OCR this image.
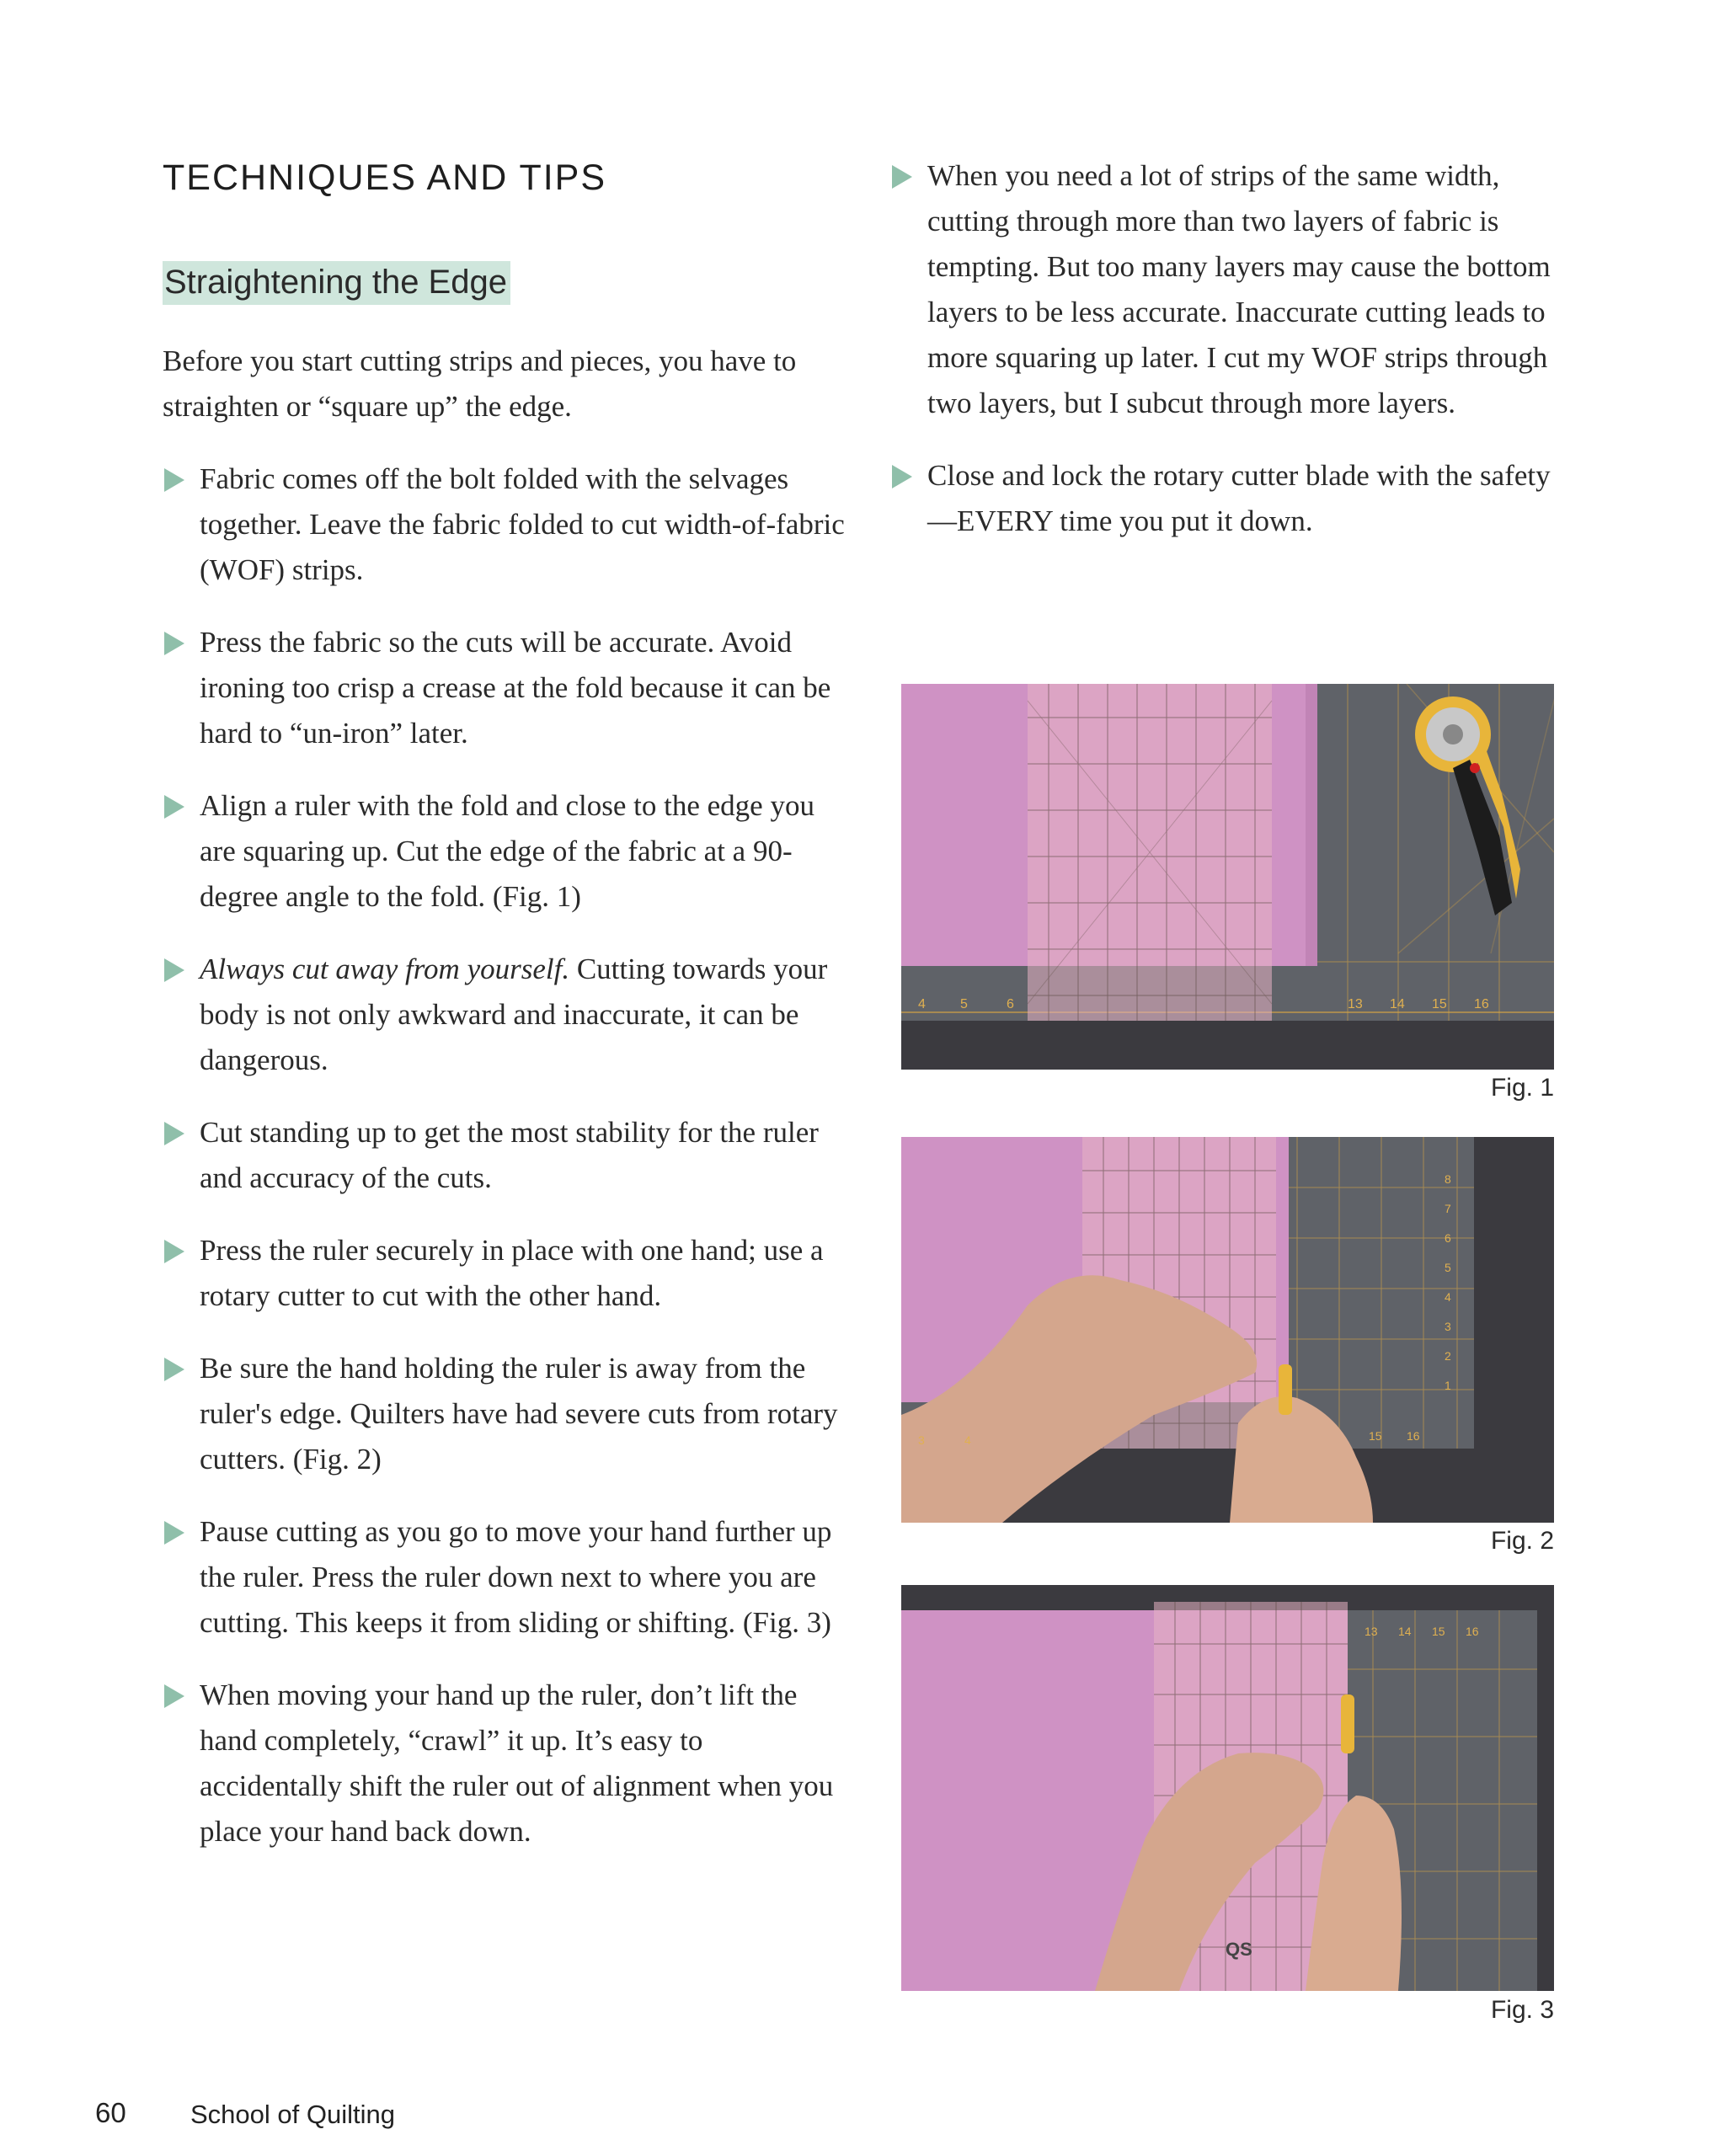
TECHNIQUES AND TIPS
Straightening the Edge

Before you start cutting strips and pieces, you have to straighten or “square up” the edge.

Fabric comes off the bolt folded with the selvages together. Leave the fabric folded to cut width-of-fabric (WOF) strips.
Press the fabric so the cuts will be accurate. Avoid ironing too crisp a crease at the fold because it can be hard to “un-iron” later.
Align a ruler with the fold and close to the edge you are squaring up. Cut the edge of the fabric at a 90-degree angle to the fold. (Fig. 1)
Always cut away from yourself. Cutting towards your body is not only awkward and inaccurate, it can be dangerous.
Cut standing up to get the most stability for the ruler and accuracy of the cuts.
Press the ruler securely in place with one hand; use a rotary cutter to cut with the other hand.
Be sure the hand holding the ruler is away from the ruler's edge. Quilters have had severe cuts from rotary cutters. (Fig. 2)
Pause cutting as you go to move your hand further up the ruler. Press the ruler down next to where you are cutting. This keeps it from sliding or shifting. (Fig. 3)
When moving your hand up the ruler, don’t lift the hand completely, “crawl” it up. It’s easy to accidentally shift the ruler out of alignment when you place your hand back down.
When you need a lot of strips of the same width, cutting through more than two layers of fabric is tempting. But too many layers may cause the bottom layers to be less accurate. Inaccurate cutting leads to more squaring up later. I cut my WOF strips through two layers, but I subcut through more layers.
Close and lock the rotary cutter blade with the safety—EVERY time you put it down.
4	5	6	13 14 15 16
Fig. 1
3	4	15 16
1
2
3
4
5
6
7
8
Fig. 2
QS
13 14 15 16
Fig. 3
60 School of Quilting
